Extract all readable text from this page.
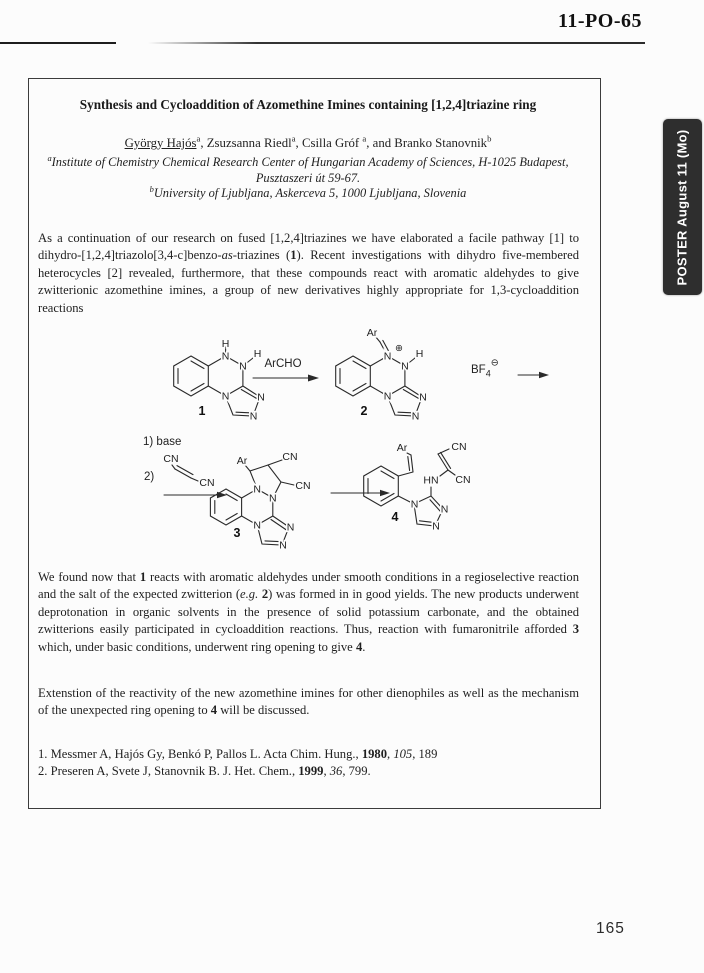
11-PO-65
POSTER August 11 (Mo)
Synthesis and Cycloaddition of Azomethine Imines containing [1,2,4]triazine ring
György Hajós$^a$, Zsuzsanna Riedl$^a$, Csilla Gróf $^a$, and Branko Stanovnik$^b$
$^a$Institute of Chemistry Chemical Research Center of Hungarian Academy of Sciences, H-1025 Budapest, Pusztaszeri út 59-67.
$^b$University of Ljubljana, Askerceva 5, 1000 Ljubljana, Slovenia
As a continuation of our research on fused [1,2,4]triazines we have elaborated a facile pathway [1] to dihydro-[1,2,4]triazolo[3,4-c]benzo-as-triazines (1). Recent investigations with dihydro five-membered heterocycles [2] revealed, furthermore, that these compounds react with aromatic aldehydes to give zwitterionic azomethine imines, a group of new derivatives highly appropriate for 1,3-cycloaddition reactions
N
H
N
H
N	N
N
1
ArCHO
Ar
N
⊕
N
H
N	N
N
2
$BF_4^⊖$
1) base
2)
CN
CN
N
N
N
Ar	CN
CN
N
N
3
Ar
N N
N
HN CN
CN
4
We found now that 1 reacts with aromatic aldehydes under smooth conditions in a regioselective reaction and the salt of the expected zwitterion (e.g. 2) was formed in in good yields. The new products underwent deprotonation in organic solvents in the presence of solid potassium carbonate, and the obtained zwitterions easily participated in cycloaddition reactions. Thus, reaction with fumaronitrile afforded 3 which, under basic conditions, underwent ring opening to give 4.
Extenstion of the reactivity of the new azomethine imines for other dienophiles as well as the mechanism of the unexpected ring opening to 4 will be discussed.
1. Messmer A, Hajós Gy, Benkó P, Pallos L. Acta Chim. Hung., 1980, 105, 189
2. Preseren A, Svete J, Stanovnik B. J. Het. Chem., 1999, 36, 799.
165
